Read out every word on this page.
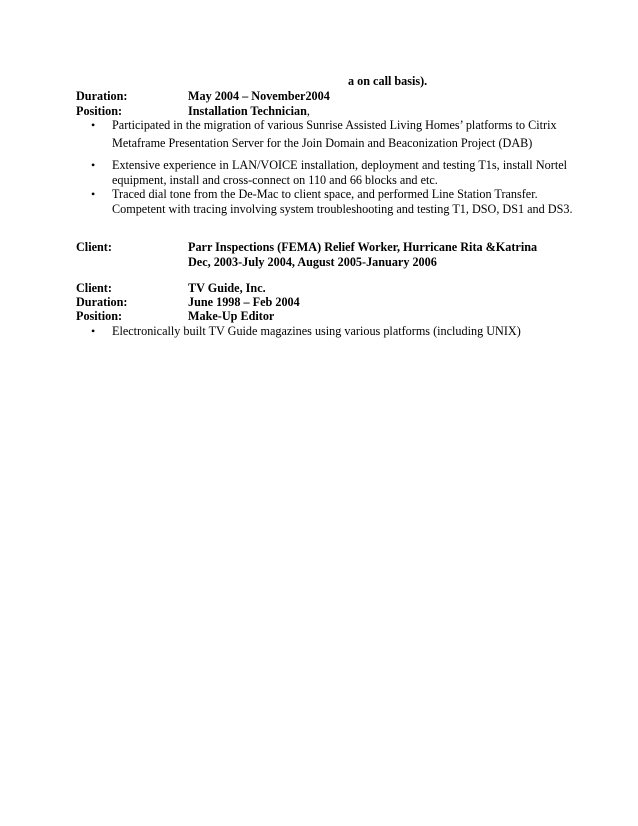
a on call basis).
Duration:	May 2004 – November2004
Position:	Installation Technician,
•	Participated in the migration of various Sunrise Assisted Living Homes’ platforms to Citrix
Metaframe Presentation Server for the Join Domain and Beaconization Project (DAB)
•	Extensive experience in LAN/VOICE installation, deployment and testing T1s, install Nortel
equipment, install and cross-connect on 110 and 66 blocks and etc.
•	Traced dial tone from the De-Mac to client space, and performed Line Station Transfer.
Competent with tracing involving system troubleshooting and testing T1, DSO, DS1 and DS3.
Client:	Parr Inspections (FEMA) Relief Worker, Hurricane Rita &Katrina
Dec, 2003-July 2004, August 2005-January 2006
Client:	TV Guide, Inc.
Duration:	June 1998 – Feb 2004
Position:	Make-Up Editor
•	Electronically built TV Guide magazines using various platforms (including UNIX)
